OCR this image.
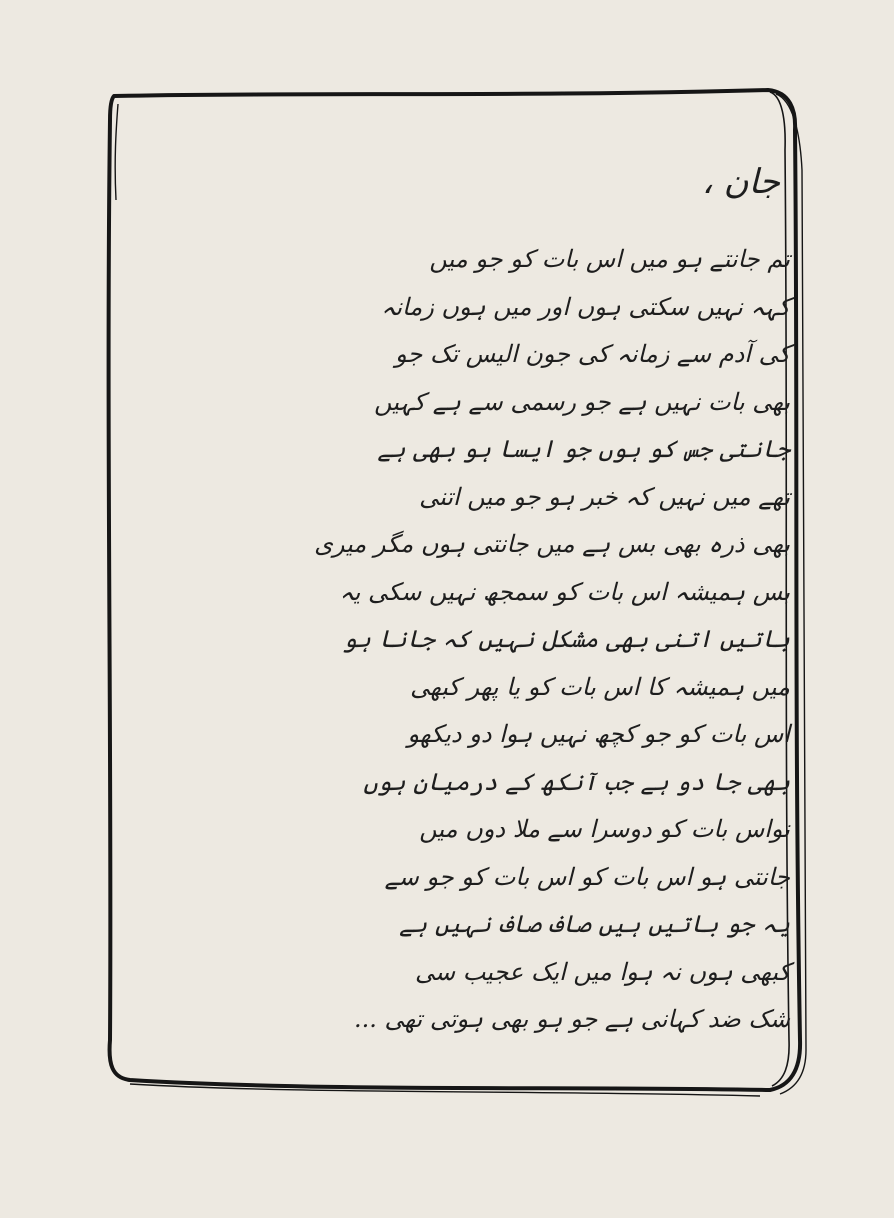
جان ،
تم جانتے ہو میں اس بات کو جو میں
کہہ نہیں سکتی ہوں اور میں ہوں زمانہ
کی آدم سے زمانہ کی جون الیس تک جو
بھی بات نہیں ہے جو رسمی سے ہے کہیں
جانتی جس کو ہوں جو ایسا ہو بھی ہے
تھے میں نہیں کہ خبر ہو جو میں اتنی
بھی ذرہ بھی بس ہے میں جانتی ہوں مگر میری
بس ہمیشہ اس بات کو سمجھ نہیں سکی یہ
باتیں اتنی بھی مشکل نہیں کہ جانا ہو
میں ہمیشہ کا اس بات کو یا پھر کبھی
اس بات کو جو کچھ نہیں ہوا دو دیکھو
بھی جا دو ہے جب آنکھ کے درمیان ہوں
نواس بات کو دوسرا سے ملا دوں میں
جانتی ہو اس بات کو اس بات کو جو سے
یہ جو باتیں ہیں صاف صاف نہیں ہے
کبھی ہوں نہ ہوا میں ایک عجیب سی
شک ضد کہانی ہے جو ہو بھی ہوتی تھی ...
